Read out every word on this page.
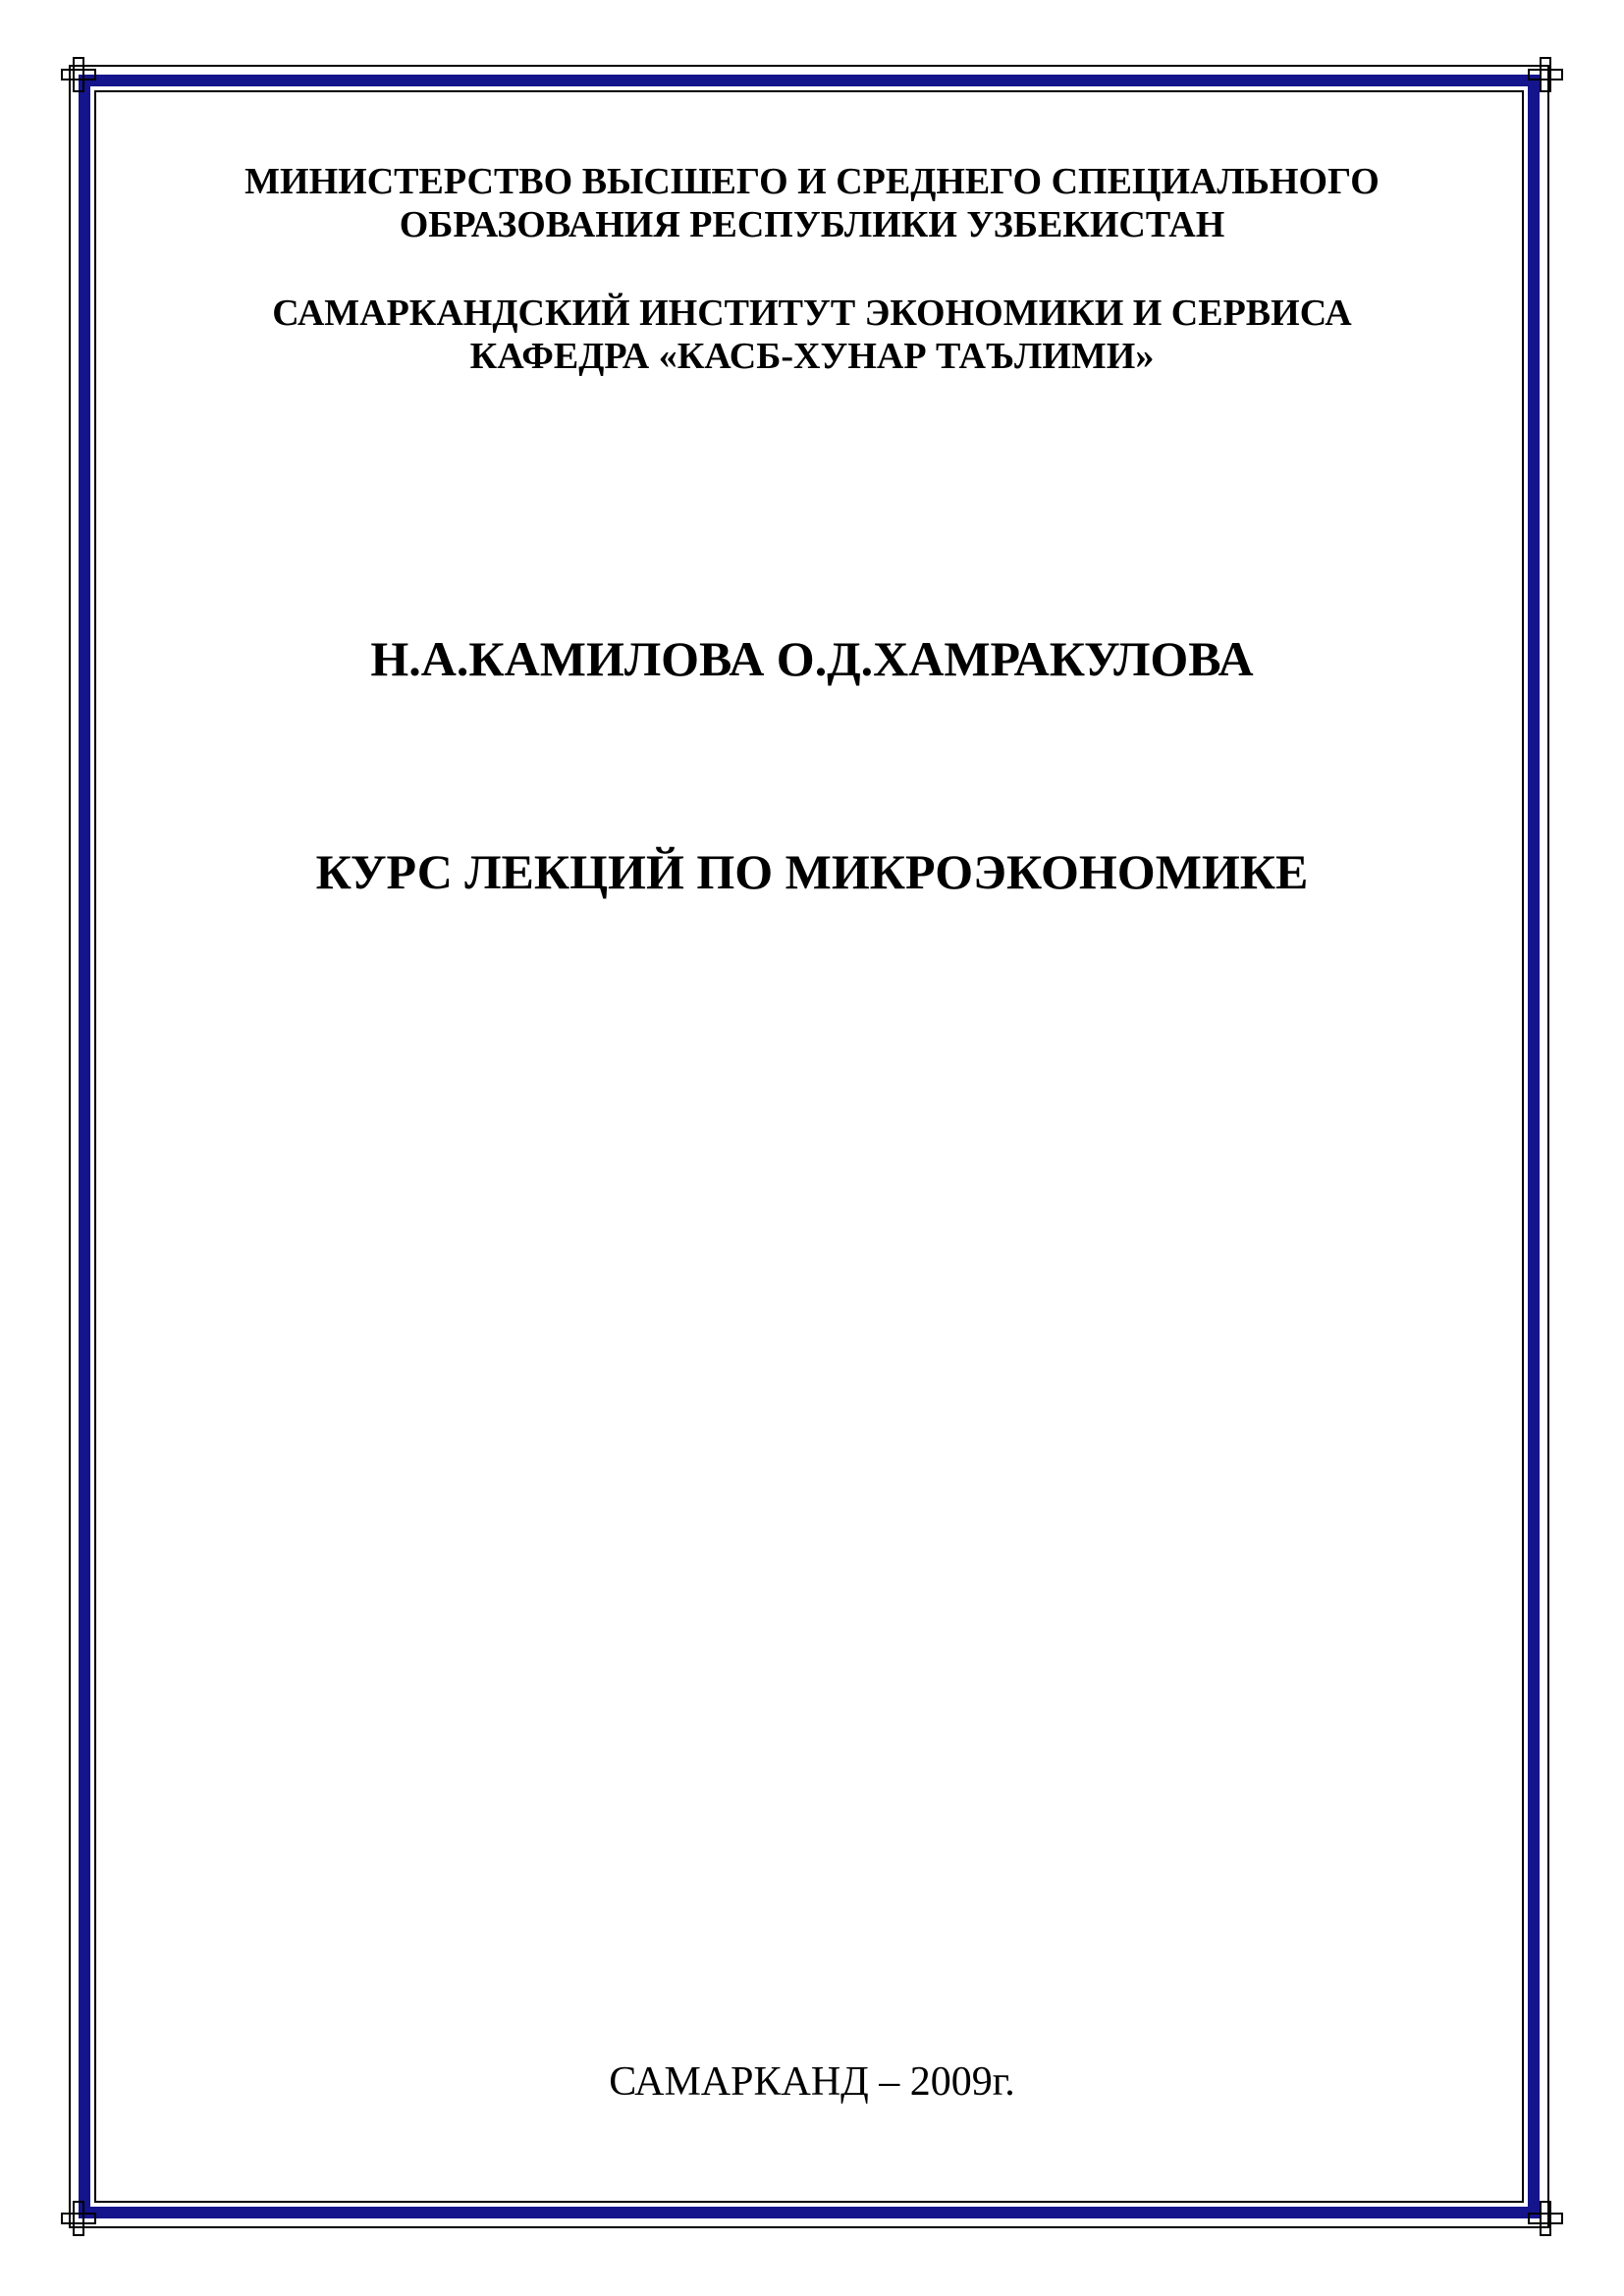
МИНИСТЕРСТВО ВЫСШЕГО И СРЕДНЕГО СПЕЦИАЛЬНОГО
ОБРАЗОВАНИЯ РЕСПУБЛИКИ УЗБЕКИСТАН
САМАРКАНДСКИЙ ИНСТИТУТ ЭКОНОМИКИ И СЕРВИСА
КАФЕДРА «КАСБ-ХУНАР ТАЪЛИМИ»
Н.А.КАМИЛОВА О.Д.ХАМРАКУЛОВА
КУРС ЛЕКЦИЙ ПО МИКРОЭКОНОМИКЕ
САМАРКАНД – 2009г.
